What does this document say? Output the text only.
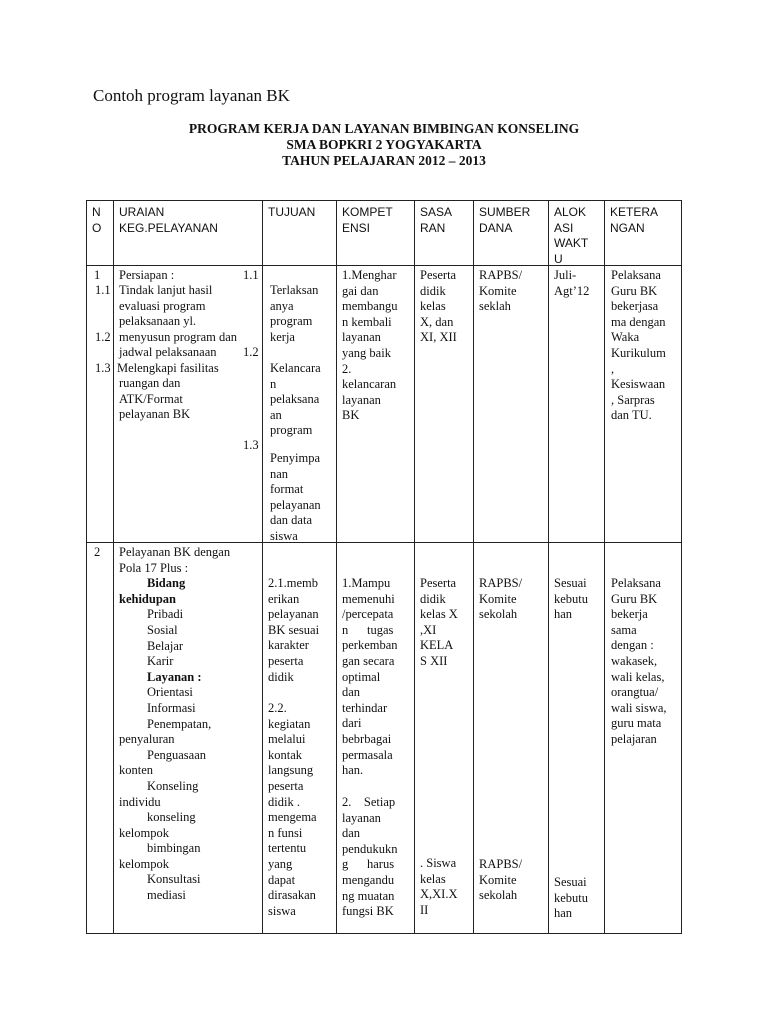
Contoh program layanan BK
PROGRAM KERJA DAN LAYANAN BIMBINGAN KONSELING
SMA BOPKRI 2 YOGYAKARTA
TAHUN PELAJARAN 2012 – 2013
N
O
URAIAN
KEG.PELAYANAN
TUJUAN KOMPET
ENSI
SASA
RAN
SUMBER
DANA
ALOK
ASI
WAKT
U
KETERA
NGAN
1
1.1
1.2
1.3
1.1
1.2
1.3
Persiapan :
Tindak lanjut hasil
evaluasi program
pelaksanaan yl.
menyusun program dan
jadwal pelaksanaan
Melengkapi fasilitas
ruangan dan
ATK/Format
pelayanan BK
Terlaksan
anya
program
kerja
Kelancara
n
pelaksana
an
program
Penyimpa
nan
format
pelayanan
dan data
siswa
1.Menghar
gai dan
membangu
n kembali
layanan
yang baik
2.
kelancaran
layanan
BK
Peserta
didik
kelas
X, dan
XI, XII
RAPBS/
Komite
seklah
Juli-
Agt’12
Pelaksana
Guru BK
bekerjasa
ma dengan
Waka
Kurikulum
,
Kesiswaan
, Sarpras
dan TU.
2 Pelayanan BK dengan
Pola 17 Plus :
Bidang
kehidupan
Pribadi
Sosial
Belajar
Karir
Layanan :
Orientasi
Informasi
Penempatan,
penyaluran
Penguasaan
konten
Konseling
individu
konseling
kelompok
bimbingan
kelompok
Konsultasi
mediasi
2.1.memb
erikan
pelayanan
BK sesuai
karakter
peserta
didik
2.2.
kegiatan
melalui
kontak
langsung
peserta
didik .
mengema
n funsi
tertentu
yang
dapat
dirasakan
siswa
1.Mampu
memenuhi
/percepata
n      tugas
perkemban
gan secara
optimal
dan
terhindar
dari
bebrbagai
permasala
han.
2.    Setiap
layanan
dan
pendukukn
g      harus
mengandu
ng muatan
fungsi BK
Peserta
didik
kelas X
,XI
KELA
S XII
. Siswa
kelas
X,XI.X
II
RAPBS/
Komite
sekolah
RAPBS/
Komite
sekolah
Sesuai
kebutu
han
Sesuai
kebutu
han
Pelaksana
Guru BK
bekerja
sama
dengan :
wakasek,
wali kelas,
orangtua/
wali siswa,
guru mata
pelajaran
